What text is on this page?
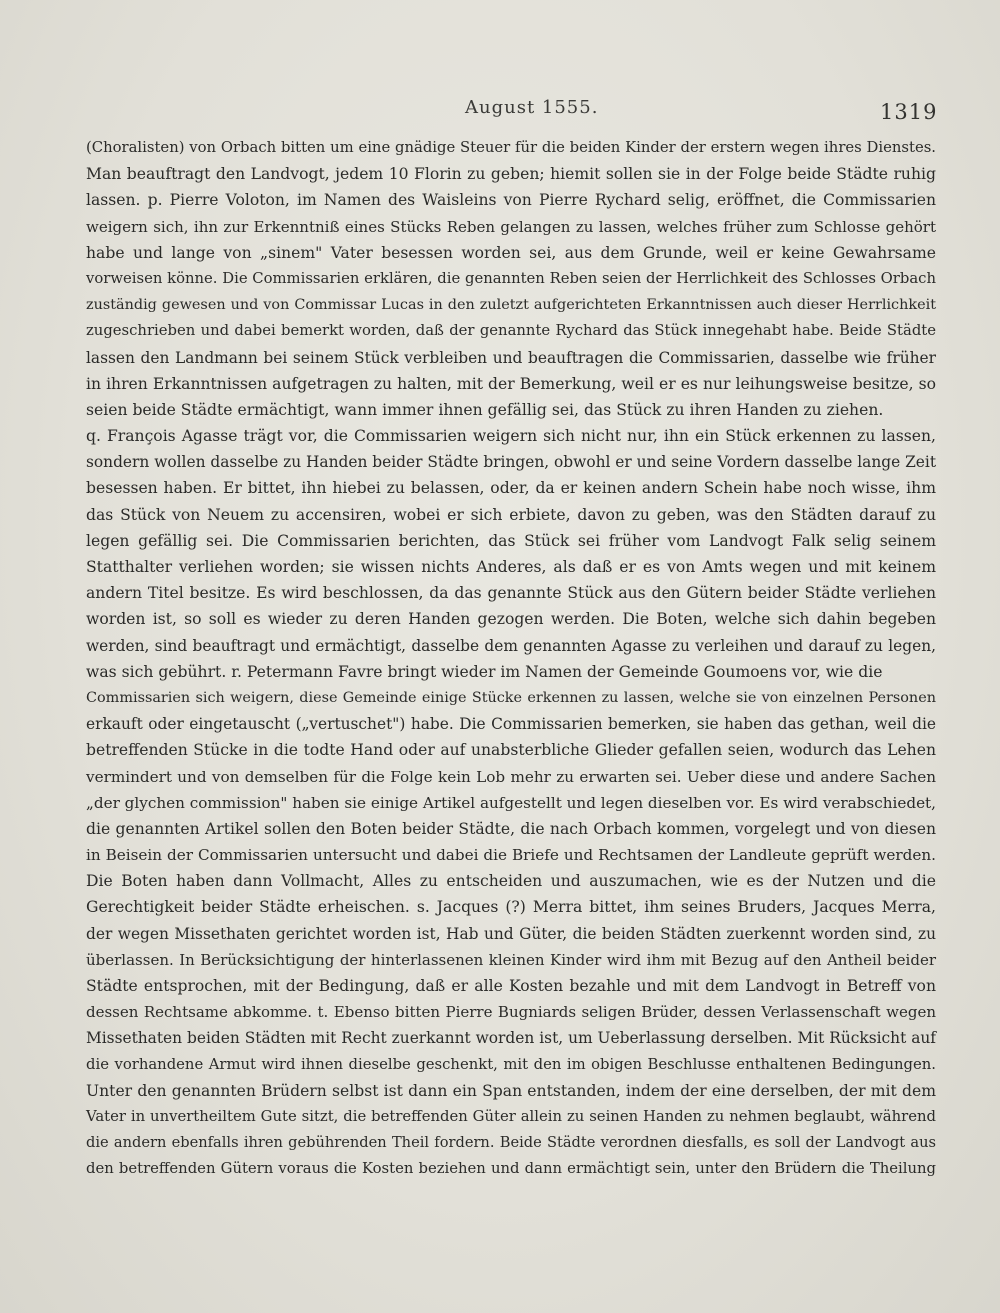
August 1555.	1319
(Choralisten) von Orbach bitten um eine gnädige Steuer für die beiden Kinder der erstern wegen ihres Dienstes.
Man beauftragt den Landvogt, jedem 10 Florin zu geben; hiemit sollen sie in der Folge beide Städte ruhig
lassen. p. Pierre Voloton, im Namen des Waisleins von Pierre Rychard selig, eröffnet, die Commissarien
weigern sich, ihn zur Erkenntniß eines Stücks Reben gelangen zu lassen, welches früher zum Schlosse gehört
habe und lange von „sinem" Vater besessen worden sei, aus dem Grunde, weil er keine Gewahrsame
vorweisen könne. Die Commissarien erklären, die genannten Reben seien der Herrlichkeit des Schlosses Orbach
zuständig gewesen und von Commissar Lucas in den zuletzt aufgerichteten Erkanntnissen auch dieser Herrlichkeit
zugeschrieben und dabei bemerkt worden, daß der genannte Rychard das Stück innegehabt habe. Beide Städte
lassen den Landmann bei seinem Stück verbleiben und beauftragen die Commissarien, dasselbe wie früher
in ihren Erkanntnissen aufgetragen zu halten, mit der Bemerkung, weil er es nur leihungsweise besitze, so
seien beide Städte ermächtigt, wann immer ihnen gefällig sei, das Stück zu ihren Handen zu ziehen.
q. François Agasse trägt vor, die Commissarien weigern sich nicht nur, ihn ein Stück erkennen zu lassen,
sondern wollen dasselbe zu Handen beider Städte bringen, obwohl er und seine Vordern dasselbe lange Zeit
besessen haben. Er bittet, ihn hiebei zu belassen, oder, da er keinen andern Schein habe noch wisse, ihm
das Stück von Neuem zu accensiren, wobei er sich erbiete, davon zu geben, was den Städten darauf zu
legen gefällig sei. Die Commissarien berichten, das Stück sei früher vom Landvogt Falk selig seinem
Statthalter verliehen worden; sie wissen nichts Anderes, als daß er es von Amts wegen und mit keinem
andern Titel besitze. Es wird beschlossen, da das genannte Stück aus den Gütern beider Städte verliehen
worden ist, so soll es wieder zu deren Handen gezogen werden. Die Boten, welche sich dahin begeben
werden, sind beauftragt und ermächtigt, dasselbe dem genannten Agasse zu verleihen und darauf zu legen,
was sich gebührt. r. Petermann Favre bringt wieder im Namen der Gemeinde Goumoens vor, wie die
Commissarien sich weigern, diese Gemeinde einige Stücke erkennen zu lassen, welche sie von einzelnen Personen
erkauft oder eingetauscht („vertuschet") habe. Die Commissarien bemerken, sie haben das gethan, weil die
betreffenden Stücke in die todte Hand oder auf unabsterbliche Glieder gefallen seien, wodurch das Lehen
vermindert und von demselben für die Folge kein Lob mehr zu erwarten sei. Ueber diese und andere Sachen
„der glychen commission" haben sie einige Artikel aufgestellt und legen dieselben vor. Es wird verabschiedet,
die genannten Artikel sollen den Boten beider Städte, die nach Orbach kommen, vorgelegt und von diesen
in Beisein der Commissarien untersucht und dabei die Briefe und Rechtsamen der Landleute geprüft werden.
Die Boten haben dann Vollmacht, Alles zu entscheiden und auszumachen, wie es der Nutzen und die
Gerechtigkeit beider Städte erheischen. s. Jacques (?) Merra bittet, ihm seines Bruders, Jacques Merra,
der wegen Missethaten gerichtet worden ist, Hab und Güter, die beiden Städten zuerkennt worden sind, zu
überlassen. In Berücksichtigung der hinterlassenen kleinen Kinder wird ihm mit Bezug auf den Antheil beider
Städte entsprochen, mit der Bedingung, daß er alle Kosten bezahle und mit dem Landvogt in Betreff von
dessen Rechtsame abkomme. t. Ebenso bitten Pierre Bugniards seligen Brüder, dessen Verlassenschaft wegen
Missethaten beiden Städten mit Recht zuerkannt worden ist, um Ueberlassung derselben. Mit Rücksicht auf
die vorhandene Armut wird ihnen dieselbe geschenkt, mit den im obigen Beschlusse enthaltenen Bedingungen.
Unter den genannten Brüdern selbst ist dann ein Span entstanden, indem der eine derselben, der mit dem
Vater in unvertheiltem Gute sitzt, die betreffenden Güter allein zu seinen Handen zu nehmen beglaubt, während
die andern ebenfalls ihren gebührenden Theil fordern. Beide Städte verordnen diesfalls, es soll der Landvogt aus
den betreffenden Gütern voraus die Kosten beziehen und dann ermächtigt sein, unter den Brüdern die Theilung
